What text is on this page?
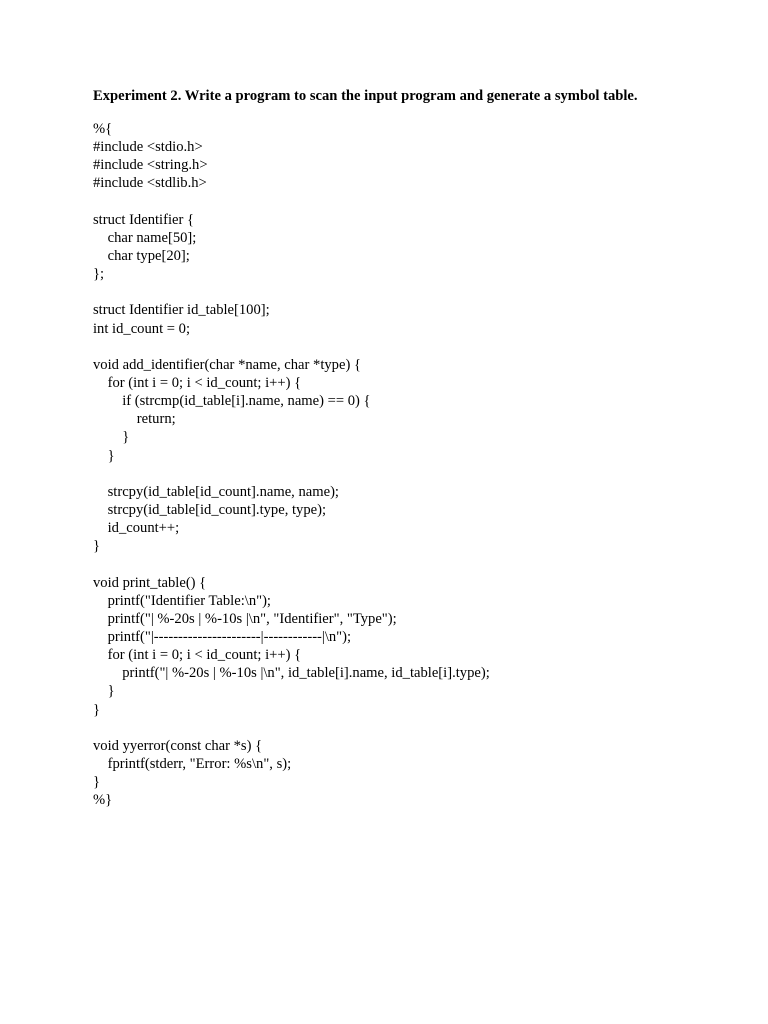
Experiment 2. Write a program to scan the input program and generate a symbol table.

%{
#include <stdio.h>
#include <string.h>
#include <stdlib.h>
struct Identifier {
char name[50];
char type[20];
};
struct Identifier id_table[100];
int id_count = 0;
void add_identifier(char *name, char *type) {
for (int i = 0; i < id_count; i++) {
if (strcmp(id_table[i].name, name) == 0) {
return;
}
}
strcpy(id_table[id_count].name, name);
strcpy(id_table[id_count].type, type);
id_count++;
}
void print_table() {
printf("Identifier Table:\n");
printf("| %-20s | %-10s |\n", "Identifier", "Type");
printf("|----------------------|------------|\n");
for (int i = 0; i < id_count; i++) {
printf("| %-20s | %-10s |\n", id_table[i].name, id_table[i].type);
}
}
void yyerror(const char *s) {
fprintf(stderr, "Error: %s\n", s);
}
%}
